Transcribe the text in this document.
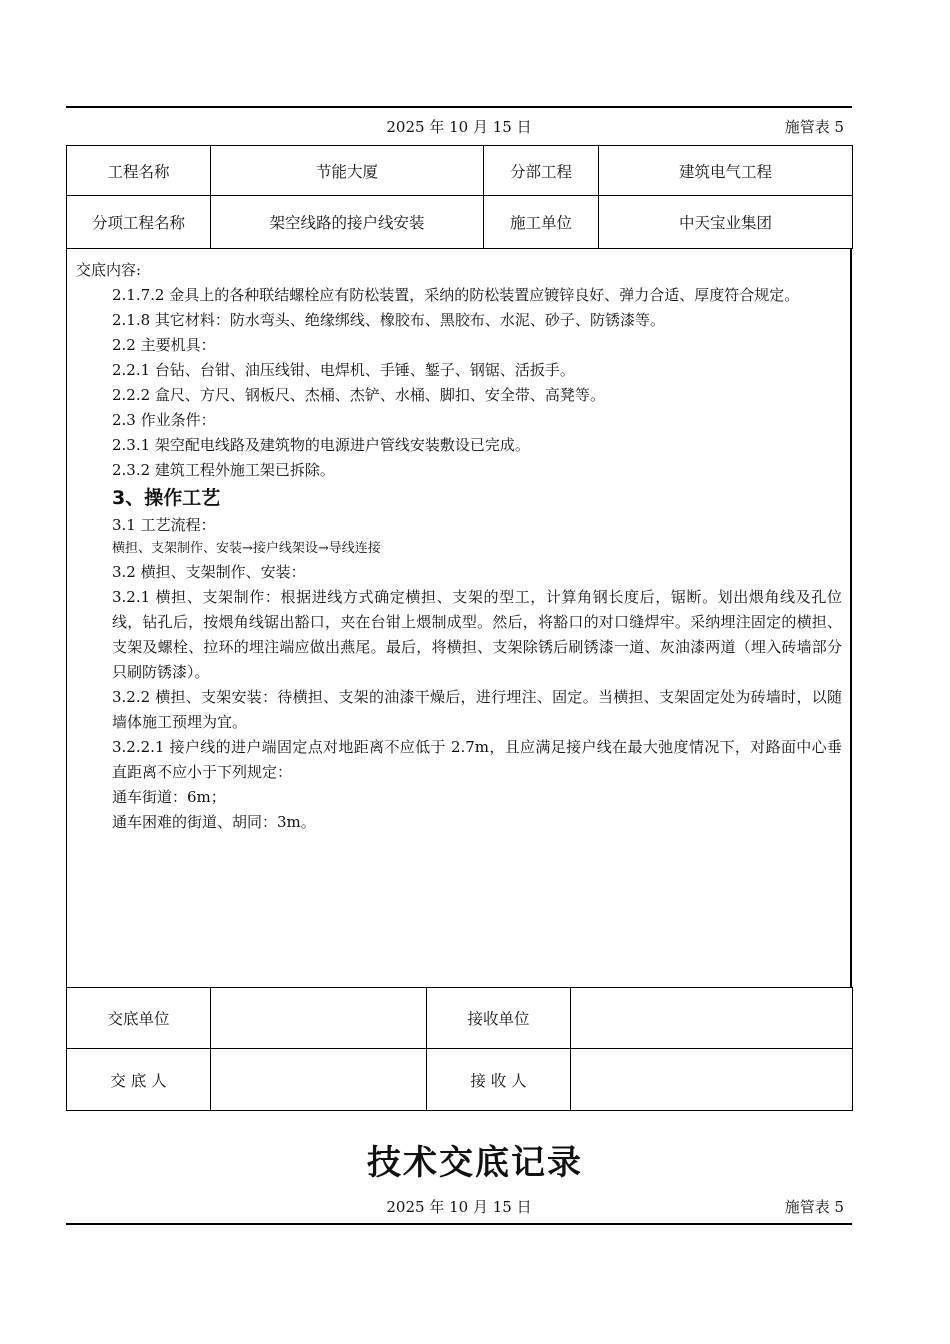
2025 年 10 月 15 日	施管表 5
工程名称	节能大厦	分部工程	建筑电气工程
分项工程名称	架空线路的接户线安装	施工单位	中天宝业集团

交底内容:

2.1.7.2 金具上的各种联结螺栓应有防松装置，采纳的防松装置应镀锌良好、弹力合适、厚度符合规定。

2.1.8 其它材料：防水弯头、绝缘绑线、橡胶布、黑胶布、水泥、砂子、防锈漆等。

2.2 主要机具：

2.2.1 台钻、台钳、油压线钳、电焊机、手锤、錾子、钢锯、活扳手。

2.2.2 盒尺、方尺、钢板尺、杰桶、杰铲、水桶、脚扣、安全带、高凳等。

2.3 作业条件：

2.3.1 架空配电线路及建筑物的电源进户管线安装敷设已完成。

2.3.2 建筑工程外施工架已拆除。

3、操作工艺

3.1 工艺流程：

横担、支架制作、安装→接户线架设→导线连接

3.2 横担、支架制作、安装：

3.2.1 横担、支架制作：根据进线方式确定横担、支架的型工，计算角钢长度后，锯断。划出煨角线及孔位线，钻孔后，按煨角线锯出豁口，夹在台钳上煨制成型。然后，将豁口的对口缝焊牢。采纳埋注固定的横担、支架及螺栓、拉环的埋注端应做出燕尾。最后，将横担、支架除锈后刷锈漆一道、灰油漆两道（埋入砖墙部分只刷防锈漆）。

3.2.2 横担、支架安装：待横担、支架的油漆干燥后，进行埋注、固定。当横担、支架固定处为砖墙时，以随墙体施工预埋为宜。

3.2.2.1 接户线的进户端固定点对地距离不应低于 2.7m，且应满足接户线在最大弛度情况下，对路面中心垂直距离不应小于下列规定：

通车街道：6m；

通车困难的街道、胡同：3m。

交底单位		接收单位	
交 底 人		接 收 人	
技术交底记录
2025 年 10 月 15 日	施管表 5
